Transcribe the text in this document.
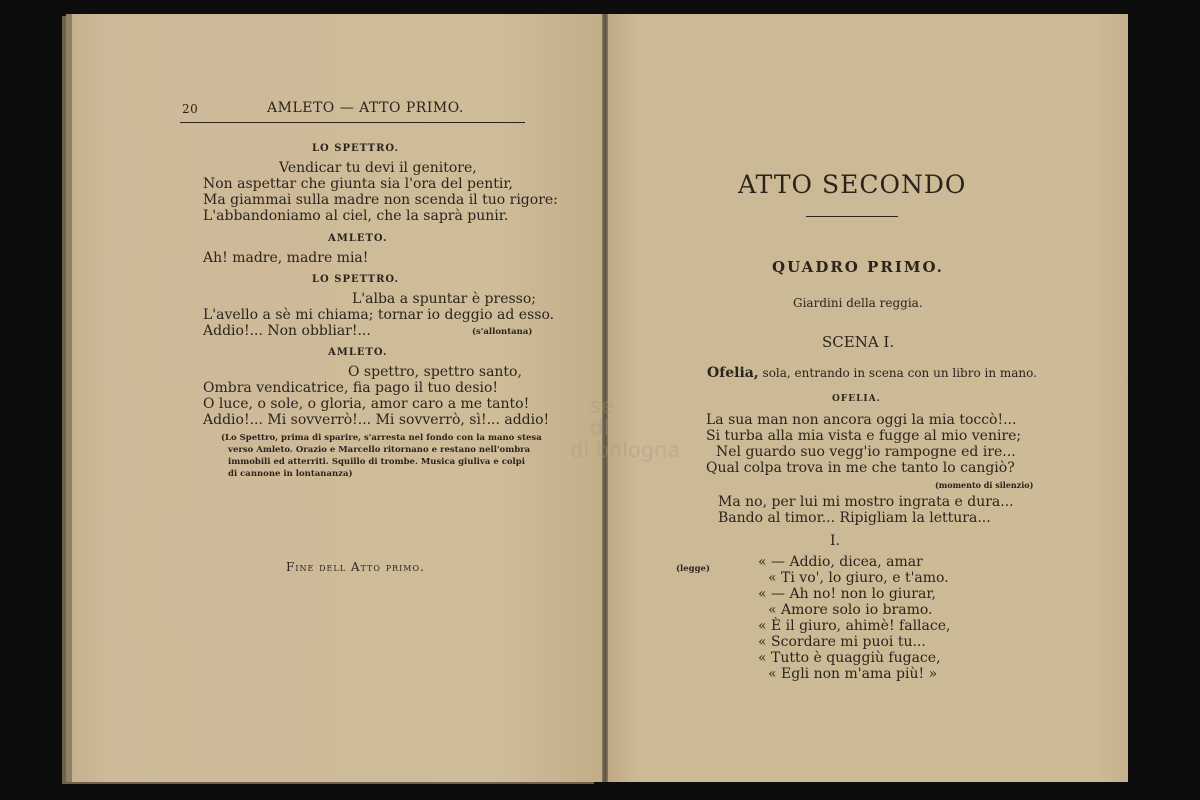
20	AMLETO — ATTO PRIMO.
LO SPETTRO.
Vendicar tu devi il genitore,
Non aspettar che giunta sia l'ora del pentir,
Ma giammai sulla madre non scenda il tuo rigore:
L'abbandoniamo al ciel, che la saprà punir.
AMLETO.
Ah! madre, madre mia!
LO SPETTRO.
L'alba a spuntar è presso;
L'avello a sè mi chiama; tornar io deggio ad esso.
Addio!... Non obbliar!...	(s'allontana)
AMLETO.
O spettro, spettro santo,
Ombra vendicatrice, fia pago il tuo desio!
O luce, o sole, o gloria, amor caro a me tanto!
Addio!... Mi sovverrò!... Mi sovverrò, sì!... addio!
(Lo Spettro, prima di sparire, s'arresta nel fondo con la mano stesa
verso Amleto. Orazio e Marcello ritornano e restano nell'ombra
immobili ed atterriti. Squillo di trombe. Musica giuliva e colpi
di cannone in lontananza)
Fine dell Atto primo.
ATTO SECONDO
QUADRO PRIMO.
Giardini della reggia.
SCENA I.
Ofelia, sola, entrando in scena con un libro in mano.
OFELIA.
La sua man non ancora oggi la mia toccò!...
Si turba alla mia vista e fugge al mio venire;
Nel guardo suo vegg'io rampogne ed ire...
Qual colpa trova in me che tanto lo cangiò?
(momento di silenzio)
Ma no, per lui mi mostro ingrata e dura...
Bando al timor... Ripigliam la lettura...
I.
(legge)	« — Addio, dicea, amar
« Ti vo', lo giuro, e t'amo.
« — Ah no! non lo giurar,
« Amore solo io bramo.
« È il giuro, ahimè! fallace,
« Scordare mi puoi tu...
« Tutto è quaggiù fugace,
« Egli non m'ama più! »
se
dl
di bologna
